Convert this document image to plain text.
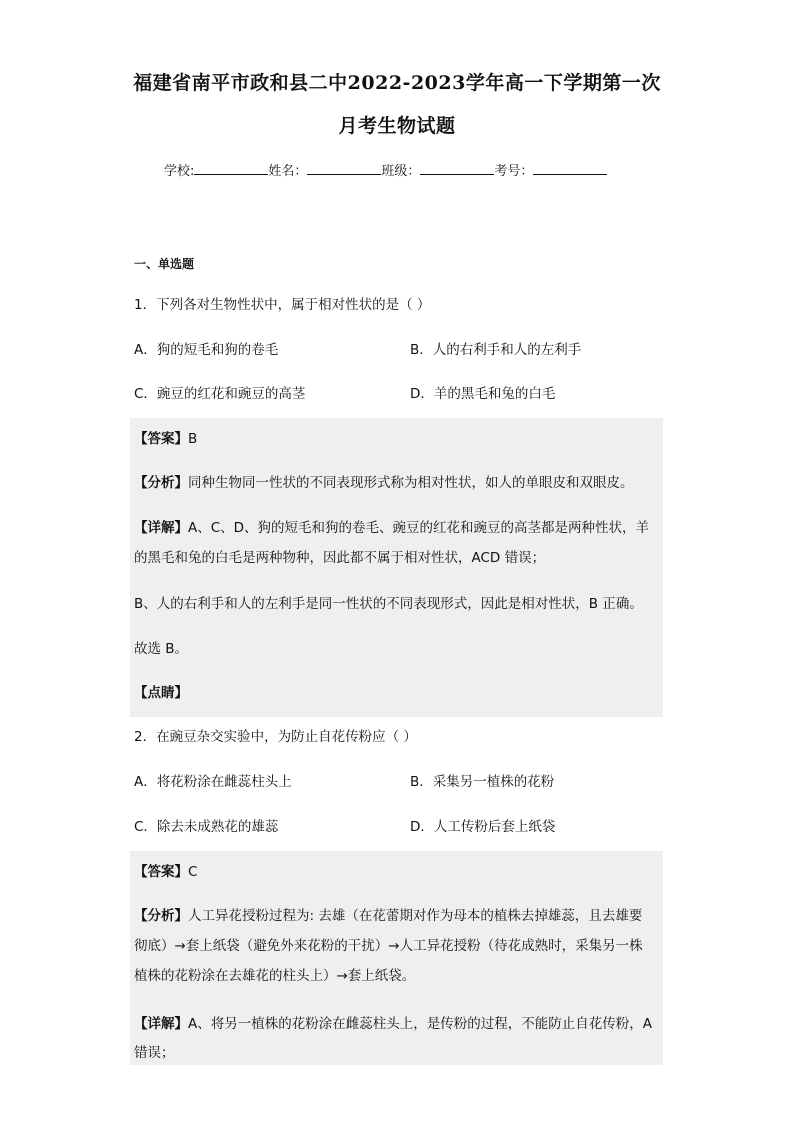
福建省南平市政和县二中2022-2023学年高一下学期第一次
月考生物试题
学校:	姓名：	班级：	考号：
一、单选题
1．下列各对生物性状中，属于相对性状的是（ ）
A．狗的短毛和狗的卷毛	B．人的右利手和人的左利手
C．豌豆的红花和豌豆的高茎	D．羊的黑毛和兔的白毛
【答案】B
【分析】同种生物同一性状的不同表现形式称为相对性状，如人的单眼皮和双眼皮。
【详解】A、C、D、狗的短毛和狗的卷毛、豌豆的红花和豌豆的高茎都是两种性状，羊
的黑毛和兔的白毛是两种物种，因此都不属于相对性状，ACD 错误；
B、人的右利手和人的左利手是同一性状的不同表现形式，因此是相对性状，B 正确。
故选 B。
【点睛】
2．在豌豆杂交实验中，为防止自花传粉应（ ）
A．将花粉涂在雌蕊柱头上	B．采集另一植株的花粉
C．除去未成熟花的雄蕊	D．人工传粉后套上纸袋
【答案】C
【分析】人工异花授粉过程为: 去雄（在花蕾期对作为母本的植株去掉雄蕊，且去雄要
彻底）→套上纸袋（避免外来花粉的干扰）→人工异花授粉（待花成熟时，采集另一株
植株的花粉涂在去雄花的柱头上）→套上纸袋。
【详解】A、将另一植株的花粉涂在雌蕊柱头上，是传粉的过程，不能防止自花传粉，A
错误；
